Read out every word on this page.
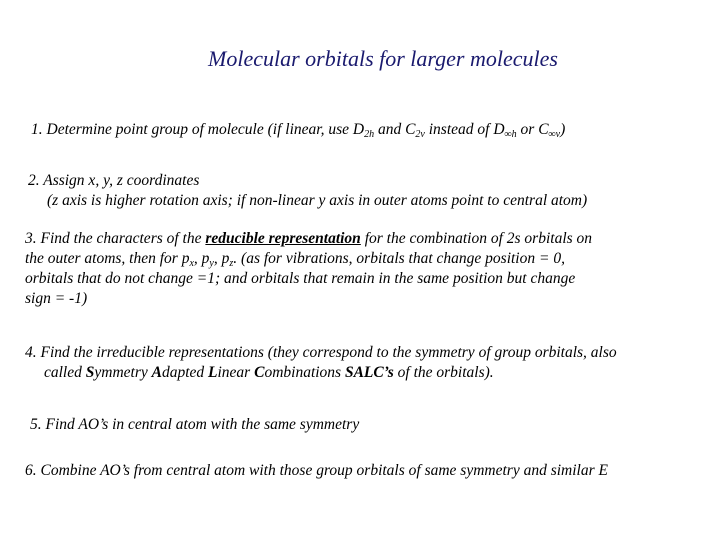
Molecular orbitals for larger molecules
1. Determine point group of molecule (if linear, use $D_{2h}$ and $C_{2v}$ instead of $D_{\infty h}$ or $C_{\infty v}$)
2. Assign x, y, z coordinates
(z axis is higher rotation axis; if non-linear y axis in outer atoms point to central atom)
3. Find the characters of the reducible representation for the combination of 2s orbitals on
the outer atoms, then for $p_x$, $p_y$, $p_z$. (as for vibrations, orbitals that change position = 0,
orbitals that do not change =1; and orbitals that remain in the same position but change
sign = -1)
4. Find the irreducible representations (they correspond to the symmetry of group orbitals, also
called Symmetry Adapted Linear Combinations SALC’s of the orbitals).
5. Find AO’s in central atom with the same symmetry
6. Combine AO’s from central atom with those group orbitals of same symmetry and similar E
